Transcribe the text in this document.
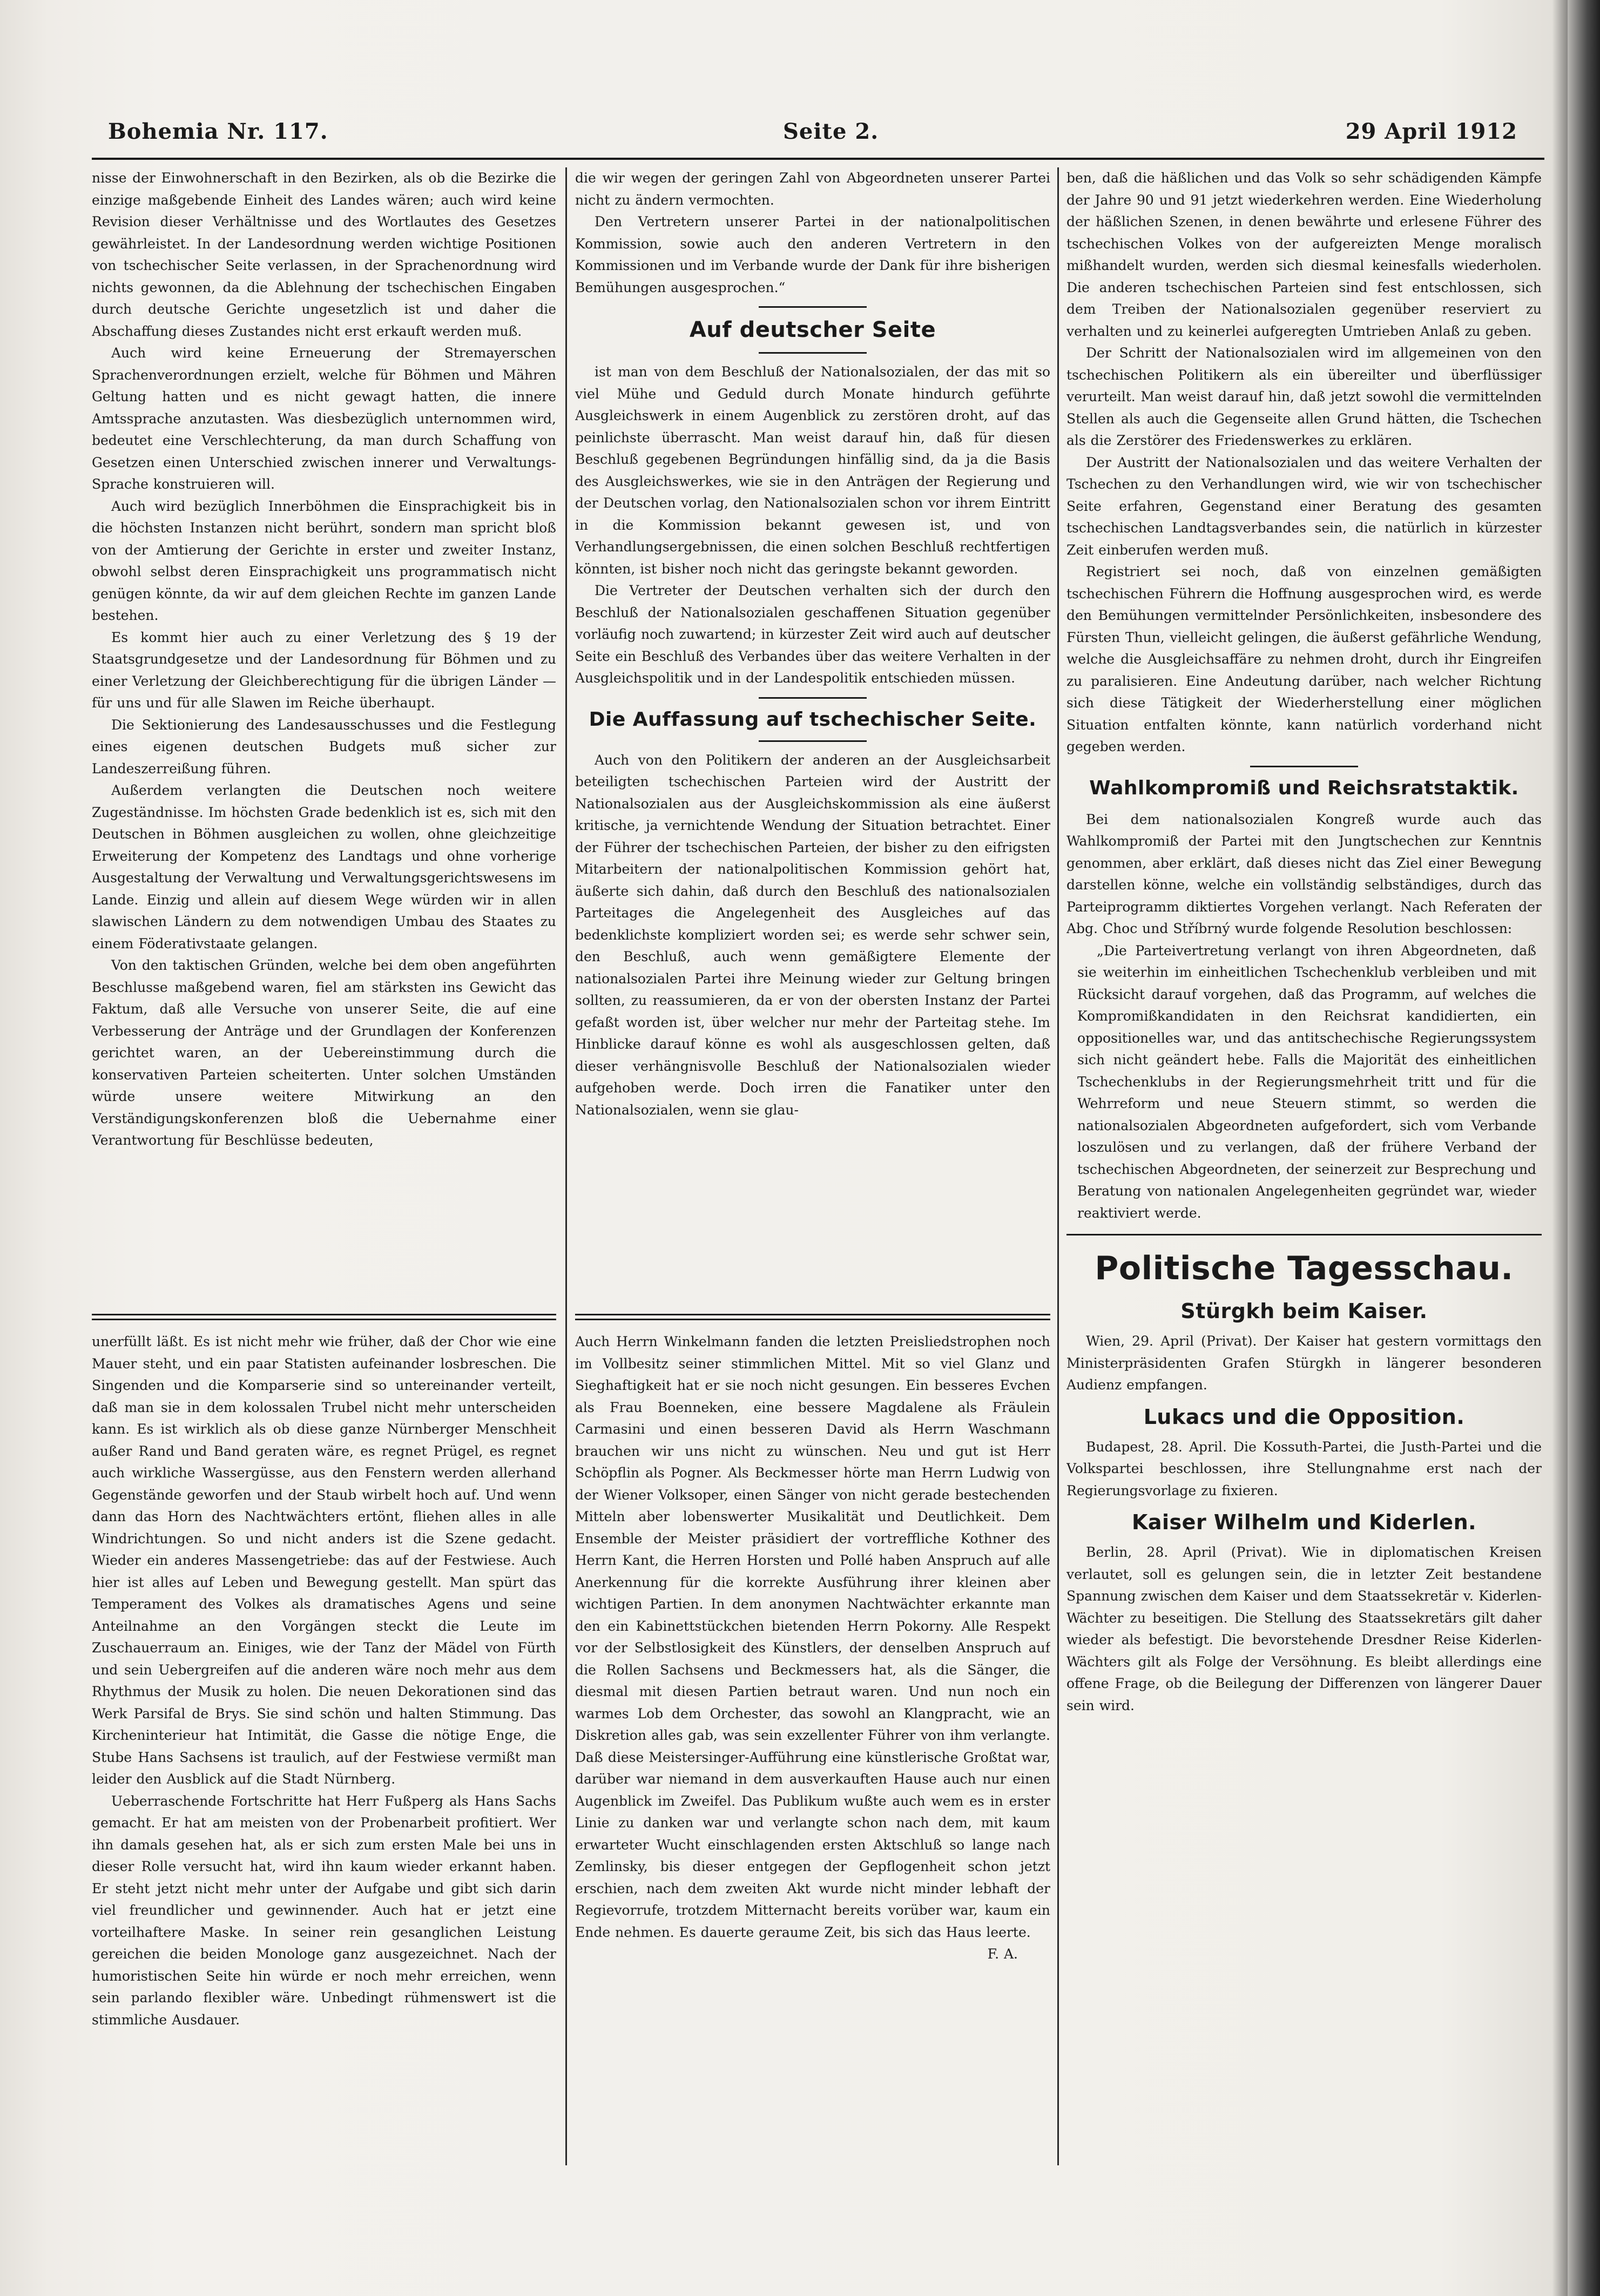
Bohemia Nr. 117.	Seite 2.	29 April 1912

nisse der Einwohnerschaft in den Bezirken, als ob die Bezirke die einzige maßgebende Einheit des Landes wären; auch wird keine Revision dieser Verhältnisse und des Wortlautes des Gesetzes gewährleistet. In der Landesordnung werden wichtige Positionen von tschechischer Seite verlassen, in der Sprachenordnung wird nichts gewonnen, da die Ablehnung der tschechischen Eingaben durch deutsche Gerichte ungesetzlich ist und daher die Abschaffung dieses Zustandes nicht erst erkauft werden muß.

Auch wird keine Erneuerung der Stremayerschen Sprachenverordnungen erzielt, welche für Böhmen und Mähren Geltung hatten und es nicht gewagt hatten, die innere Amtssprache anzutasten. Was diesbezüglich unternommen wird, bedeutet eine Verschlechterung, da man durch Schaffung von Gesetzen einen Unterschied zwischen innerer und Verwaltungs-Sprache konstruieren will.

Auch wird bezüglich Innerböhmen die Einsprachigkeit bis in die höchsten Instanzen nicht berührt, sondern man spricht bloß von der Amtierung der Gerichte in erster und zweiter Instanz, obwohl selbst deren Einsprachigkeit uns programmatisch nicht genügen könnte, da wir auf dem gleichen Rechte im ganzen Lande bestehen.

Es kommt hier auch zu einer Verletzung des § 19 der Staatsgrundgesetze und der Landesordnung für Böhmen und zu einer Verletzung der Gleichberechtigung für die übrigen Länder — für uns und für alle Slawen im Reiche überhaupt.

Die Sektionierung des Landesausschusses und die Festlegung eines eigenen deutschen Budgets muß sicher zur Landeszerreißung führen.

Außerdem verlangten die Deutschen noch weitere Zugeständnisse. Im höchsten Grade bedenklich ist es, sich mit den Deutschen in Böhmen ausgleichen zu wollen, ohne gleichzeitige Erweiterung der Kompetenz des Landtags und ohne vorherige Ausgestaltung der Verwaltung und Verwaltungsgerichtswesens im Lande. Einzig und allein auf diesem Wege würden wir in allen slawischen Ländern zu dem notwendigen Umbau des Staates zu einem Föderativstaate gelangen.

Von den taktischen Gründen, welche bei dem oben angeführten Beschlusse maßgebend waren, fiel am stärksten ins Gewicht das Faktum, daß alle Versuche von unserer Seite, die auf eine Verbesserung der Anträge und der Grundlagen der Konferenzen gerichtet waren, an der Uebereinstimmung durch die konservativen Parteien scheiterten. Unter solchen Umständen würde unsere weitere Mitwirkung an den Verständigungskonferenzen bloß die Uebernahme einer Verantwortung für Beschlüsse bedeuten,

unerfüllt läßt. Es ist nicht mehr wie früher, daß der Chor wie eine Mauer steht, und ein paar Statisten aufeinander losbreschen. Die Singenden und die Komparserie sind so untereinander verteilt, daß man sie in dem kolossalen Trubel nicht mehr unterscheiden kann. Es ist wirklich als ob diese ganze Nürnberger Menschheit außer Rand und Band geraten wäre, es regnet Prügel, es regnet auch wirkliche Wassergüsse, aus den Fenstern werden allerhand Gegenstände geworfen und der Staub wirbelt hoch auf. Und wenn dann das Horn des Nachtwächters ertönt, fliehen alles in alle Windrichtungen. So und nicht anders ist die Szene gedacht. Wieder ein anderes Massengetriebe: das auf der Festwiese. Auch hier ist alles auf Leben und Bewegung gestellt. Man spürt das Temperament des Volkes als dramatisches Agens und seine Anteilnahme an den Vorgängen steckt die Leute im Zuschauerraum an. Einiges, wie der Tanz der Mädel von Fürth und sein Uebergreifen auf die anderen wäre noch mehr aus dem Rhythmus der Musik zu holen. Die neuen Dekorationen sind das Werk Parsifal de Brys. Sie sind schön und halten Stimmung. Das Kircheninterieur hat Intimität, die Gasse die nötige Enge, die Stube Hans Sachsens ist traulich, auf der Festwiese vermißt man leider den Ausblick auf die Stadt Nürnberg.

Ueberraschende Fortschritte hat Herr Fußperg als Hans Sachs gemacht. Er hat am meisten von der Probenarbeit profitiert. Wer ihn damals gesehen hat, als er sich zum ersten Male bei uns in dieser Rolle versucht hat, wird ihn kaum wieder erkannt haben. Er steht jetzt nicht mehr unter der Aufgabe und gibt sich darin viel freundlicher und gewinnender. Auch hat er jetzt eine vorteilhaftere Maske. In seiner rein gesanglichen Leistung gereichen die beiden Monologe ganz ausgezeichnet. Nach der humoristischen Seite hin würde er noch mehr erreichen, wenn sein parlando flexibler wäre. Unbedingt rühmenswert ist die stimmliche Ausdauer.

die wir wegen der geringen Zahl von Abgeordneten unserer Partei nicht zu ändern vermochten.

Den Vertretern unserer Partei in der nationalpolitischen Kommission, sowie auch den anderen Vertretern in den Kommissionen und im Verbande wurde der Dank für ihre bisherigen Bemühungen ausgesprochen.“

Auf deutscher Seite

ist man von dem Beschluß der Nationalsozialen, der das mit so viel Mühe und Geduld durch Monate hindurch geführte Ausgleichswerk in einem Augenblick zu zerstören droht, auf das peinlichste überrascht. Man weist darauf hin, daß für diesen Beschluß gegebenen Begründungen hinfällig sind, da ja die Basis des Ausgleichswerkes, wie sie in den Anträgen der Regierung und der Deutschen vorlag, den Nationalsozialen schon vor ihrem Eintritt in die Kommission bekannt gewesen ist, und von Verhandlungsergebnissen, die einen solchen Beschluß rechtfertigen könnten, ist bisher noch nicht das geringste bekannt geworden.

Die Vertreter der Deutschen verhalten sich der durch den Beschluß der Nationalsozialen geschaffenen Situation gegenüber vorläufig noch zuwartend; in kürzester Zeit wird auch auf deutscher Seite ein Beschluß des Verbandes über das weitere Verhalten in der Ausgleichspolitik und in der Landespolitik entschieden müssen.

Die Auffassung auf tschechischer Seite.

Auch von den Politikern der anderen an der Ausgleichsarbeit beteiligten tschechischen Parteien wird der Austritt der Nationalsozialen aus der Ausgleichskommission als eine äußerst kritische, ja vernichtende Wendung der Situation betrachtet. Einer der Führer der tschechischen Parteien, der bisher zu den eifrigsten Mitarbeitern der nationalpolitischen Kommission gehört hat, äußerte sich dahin, daß durch den Beschluß des nationalsozialen Parteitages die Angelegenheit des Ausgleiches auf das bedenklichste kompliziert worden sei; es werde sehr schwer sein, den Beschluß, auch wenn gemäßigtere Elemente der nationalsozialen Partei ihre Meinung wieder zur Geltung bringen sollten, zu reassumieren, da er von der obersten Instanz der Partei gefaßt worden ist, über welcher nur mehr der Parteitag stehe. Im Hinblicke darauf könne es wohl als ausgeschlossen gelten, daß dieser verhängnisvolle Beschluß der Nationalsozialen wieder aufgehoben werde. Doch irren die Fanatiker unter den Nationalsozialen, wenn sie glau-

Auch Herrn Winkelmann fanden die letzten Preisliedstrophen noch im Vollbesitz seiner stimmlichen Mittel. Mit so viel Glanz und Sieghaftigkeit hat er sie noch nicht gesungen. Ein besseres Evchen als Frau Boenneken, eine bessere Magdalene als Fräulein Carmasini und einen besseren David als Herrn Waschmann brauchen wir uns nicht zu wünschen. Neu und gut ist Herr Schöpflin als Pogner. Als Beckmesser hörte man Herrn Ludwig von der Wiener Volksoper, einen Sänger von nicht gerade bestechenden Mitteln aber lobenswerter Musikalität und Deutlichkeit. Dem Ensemble der Meister präsidiert der vortreffliche Kothner des Herrn Kant, die Herren Horsten und Pollé haben Anspruch auf alle Anerkennung für die korrekte Ausführung ihrer kleinen aber wichtigen Partien. In dem anonymen Nachtwächter erkannte man den ein Kabinettstückchen bietenden Herrn Pokorny. Alle Respekt vor der Selbstlosigkeit des Künstlers, der denselben Anspruch auf die Rollen Sachsens und Beckmessers hat, als die Sänger, die diesmal mit diesen Partien betraut waren. Und nun noch ein warmes Lob dem Orchester, das sowohl an Klangpracht, wie an Diskretion alles gab, was sein exzellenter Führer von ihm verlangte. Daß diese Meistersinger-Aufführung eine künstlerische Großtat war, darüber war niemand in dem ausverkauften Hause auch nur einen Augenblick im Zweifel. Das Publikum wußte auch wem es in erster Linie zu danken war und verlangte schon nach dem, mit kaum erwarteter Wucht einschlagenden ersten Aktschluß so lange nach Zemlinsky, bis dieser entgegen der Gepflogenheit schon jetzt erschien, nach dem zweiten Akt wurde nicht minder lebhaft der Regievorrufe, trotzdem Mitternacht bereits vorüber war, kaum ein Ende nehmen. Es dauerte geraume Zeit, bis sich das Haus leerte.

F. A.

ben, daß die häßlichen und das Volk so sehr schädigenden Kämpfe der Jahre 90 und 91 jetzt wiederkehren werden. Eine Wiederholung der häßlichen Szenen, in denen bewährte und erlesene Führer des tschechischen Volkes von der aufgereizten Menge moralisch mißhandelt wurden, werden sich diesmal keinesfalls wiederholen. Die anderen tschechischen Parteien sind fest entschlossen, sich dem Treiben der Nationalsozialen gegenüber reserviert zu verhalten und zu keinerlei aufgeregten Umtrieben Anlaß zu geben.

Der Schritt der Nationalsozialen wird im allgemeinen von den tschechischen Politikern als ein übereilter und überflüssiger verurteilt. Man weist darauf hin, daß jetzt sowohl die vermittelnden Stellen als auch die Gegenseite allen Grund hätten, die Tschechen als die Zerstörer des Friedenswerkes zu erklären.

Der Austritt der Nationalsozialen und das weitere Verhalten der Tschechen zu den Verhandlungen wird, wie wir von tschechischer Seite erfahren, Gegenstand einer Beratung des gesamten tschechischen Landtagsverbandes sein, die natürlich in kürzester Zeit einberufen werden muß.

Registriert sei noch, daß von einzelnen gemäßigten tschechischen Führern die Hoffnung ausgesprochen wird, es werde den Bemühungen vermittelnder Persönlichkeiten, insbesondere des Fürsten Thun, vielleicht gelingen, die äußerst gefährliche Wendung, welche die Ausgleichsaffäre zu nehmen droht, durch ihr Eingreifen zu paralisieren. Eine Andeutung darüber, nach welcher Richtung sich diese Tätigkeit der Wiederherstellung einer möglichen Situation entfalten könnte, kann natürlich vorderhand nicht gegeben werden.

Wahlkompromiß und Reichsratstaktik.

Bei dem nationalsozialen Kongreß wurde auch das Wahlkompromiß der Partei mit den Jungtschechen zur Kenntnis genommen, aber erklärt, daß dieses nicht das Ziel einer Bewegung darstellen könne, welche ein vollständig selbständiges, durch das Parteiprogramm diktiertes Vorgehen verlangt. Nach Referaten der Abg. Choc und Stříbrný wurde folgende Resolution beschlossen:

„Die Parteivertretung verlangt von ihren Abgeordneten, daß sie weiterhin im einheitlichen Tschechenklub verbleiben und mit Rücksicht darauf vorgehen, daß das Programm, auf welches die Kompromißkandidaten in den Reichsrat kandidierten, ein oppositionelles war, und das antitschechische Regierungssystem sich nicht geändert hebe. Falls die Majorität des einheitlichen Tschechenklubs in der Regierungsmehrheit tritt und für die Wehrreform und neue Steuern stimmt, so werden die nationalsozialen Abgeordneten aufgefordert, sich vom Verbande loszulösen und zu verlangen, daß der frühere Verband der tschechischen Abgeordneten, der seinerzeit zur Besprechung und Beratung von nationalen Angelegenheiten gegründet war, wieder reaktiviert werde.

Politische Tagesschau.
Stürgkh beim Kaiser.

Wien, 29. April (Privat). Der Kaiser hat gestern vormittags den Ministerpräsidenten Grafen Stürgkh in längerer besonderen Audienz empfangen.

Lukacs und die Opposition.

Budapest, 28. April. Die Kossuth-Partei, die Justh-Partei und die Volkspartei beschlossen, ihre Stellungnahme erst nach der Regierungsvorlage zu fixieren.

Kaiser Wilhelm und Kiderlen.

Berlin, 28. April (Privat). Wie in diplomatischen Kreisen verlautet, soll es gelungen sein, die in letzter Zeit bestandene Spannung zwischen dem Kaiser und dem Staatssekretär v. Kiderlen-Wächter zu beseitigen. Die Stellung des Staatssekretärs gilt daher wieder als befestigt. Die bevorstehende Dresdner Reise Kiderlen-Wächters gilt als Folge der Versöhnung. Es bleibt allerdings eine offene Frage, ob die Beilegung der Differenzen von längerer Dauer sein wird.
